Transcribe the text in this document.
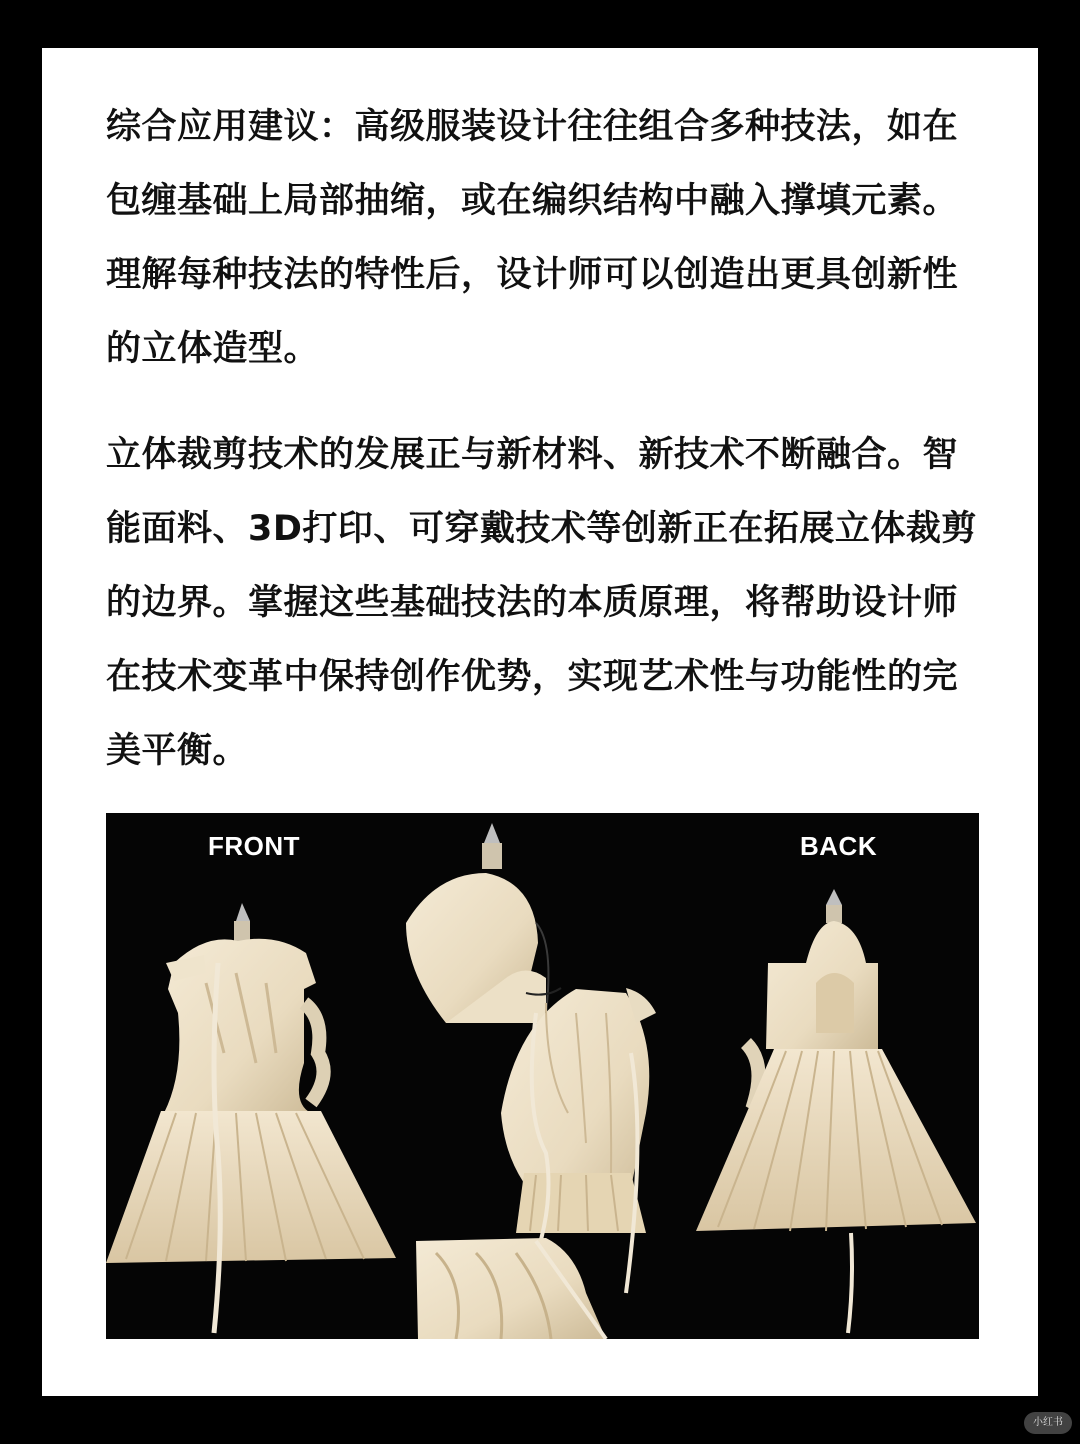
综合应用建议：高级服装设计往往组合多种技法，如在包缠基础上局部抽缩，或在编织结构中融入撑填元素。理解每种技法的特性后，设计师可以创造出更具创新性的立体造型。

立体裁剪技术的发展正与新材料、新技术不断融合。智能面料、3D打印、可穿戴技术等创新正在拓展立体裁剪的边界。掌握这些基础技法的本质原理，将帮助设计师在技术变革中保持创作优势，实现艺术性与功能性的完美平衡。

FRONT	BACK
小红书
